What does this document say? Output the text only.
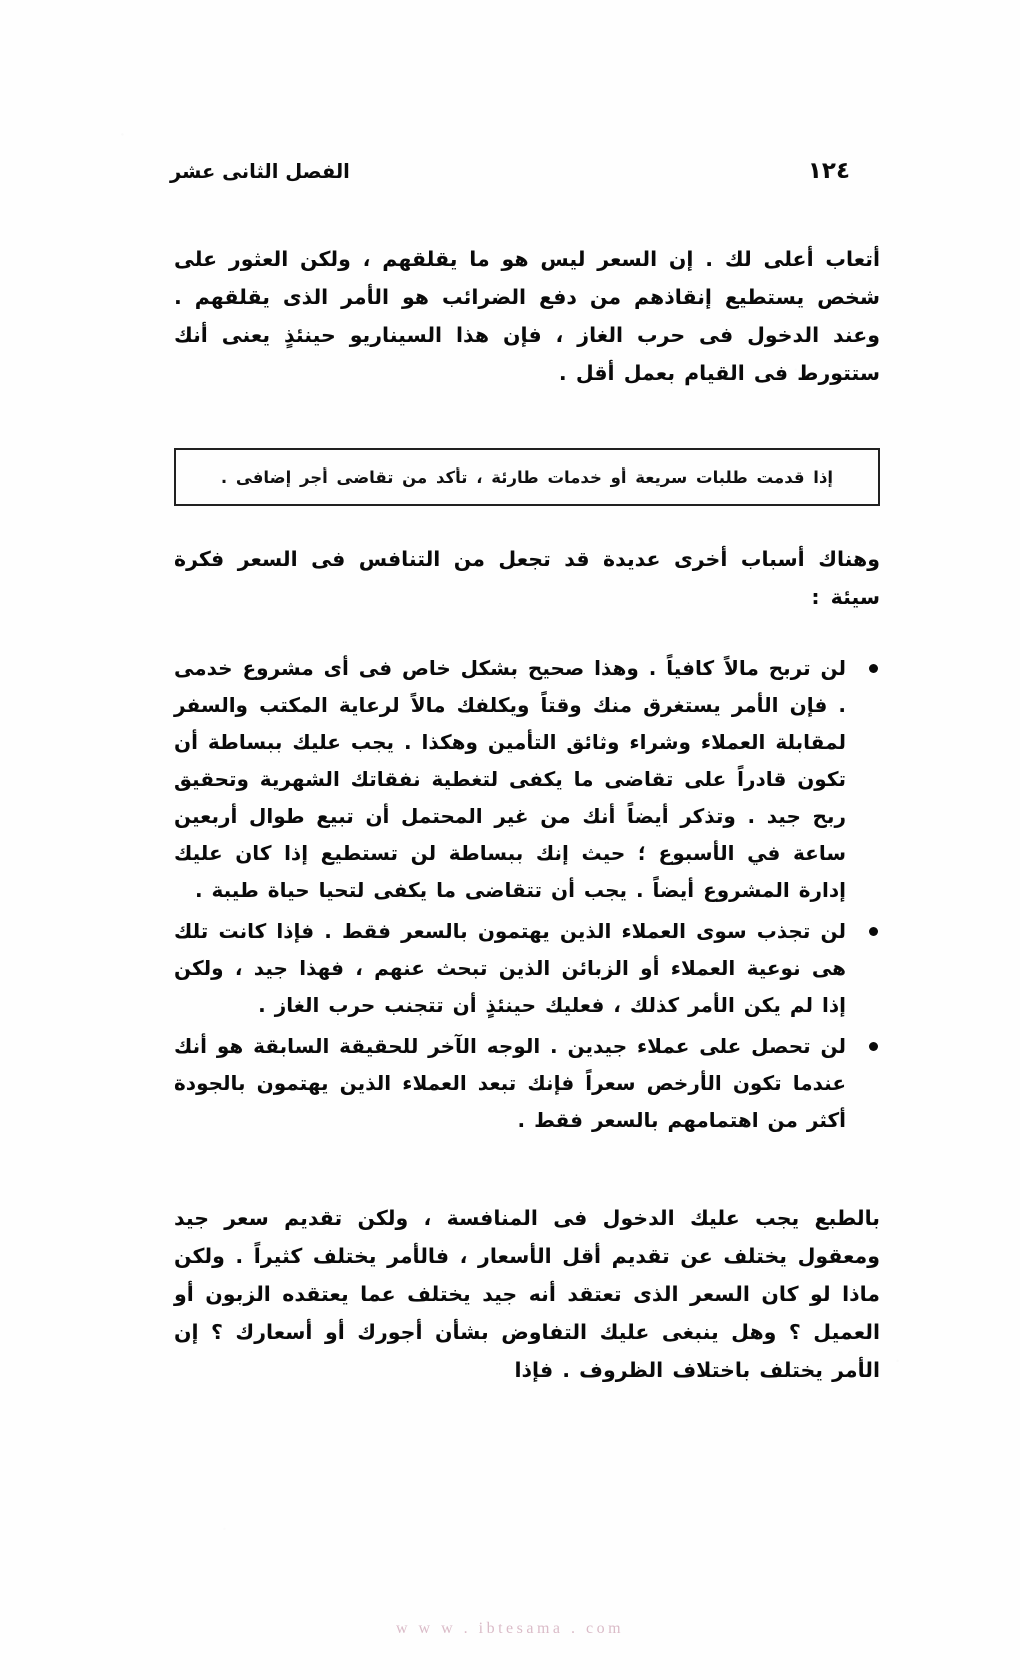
١٢٤
الفصل الثانى عشر

أتعاب أعلى لك . إن السعر ليس هو ما يقلقهم ، ولكن العثور على شخص يستطيع إنقاذهم من دفع الضرائب هو الأمر الذى يقلقهم . وعند الدخول فى حرب الغاز ، فإن هذا السيناريو حينئذٍ يعنى أنك ستتورط فى القيام بعمل أقل .

إذا قدمت طلبات سريعة أو خدمات طارئة ، تأكد من تقاضى أجر إضافى .

وهناك أسباب أخرى عديدة قد تجعل من التنافس فى السعر فكرة سيئة :

لن تربح مالاً كافياً . وهذا صحيح بشكل خاص فى أى مشروع خدمى . فإن الأمر يستغرق منك وقتاً ويكلفك مالاً لرعاية المكتب والسفر لمقابلة العملاء وشراء وثائق التأمين وهكذا . يجب عليك ببساطة أن تكون قادراً على تقاضى ما يكفى لتغطية نفقاتك الشهرية وتحقيق ربح جيد . وتذكر أيضاً أنك من غير المحتمل أن تبيع طوال أربعين ساعة في الأسبوع ؛ حيث إنك ببساطة لن تستطيع إذا كان عليك إدارة المشروع أيضاً . يجب أن تتقاضى ما يكفى لتحيا حياة طيبة .
لن تجذب سوى العملاء الذين يهتمون بالسعر فقط . فإذا كانت تلك هى نوعية العملاء أو الزبائن الذين تبحث عنهم ، فهذا جيد ، ولكن إذا لم يكن الأمر كذلك ، فعليك حينئذٍ أن تتجنب حرب الغاز .
لن تحصل على عملاء جيدين . الوجه الآخر للحقيقة السابقة هو أنك عندما تكون الأرخص سعراً فإنك تبعد العملاء الذين يهتمون بالجودة أكثر من اهتمامهم بالسعر فقط .

بالطبع يجب عليك الدخول فى المنافسة ، ولكن تقديم سعر جيد ومعقول يختلف عن تقديم أقل الأسعار ، فالأمر يختلف كثيراً . ولكن ماذا لو كان السعر الذى تعتقد أنه جيد يختلف عما يعتقده الزبون أو العميل ؟ وهل ينبغى عليك التفاوض بشأن أجورك أو أسعارك ؟ إن الأمر يختلف باختلاف الظروف . فإذا

w w w . ibtesama . com
